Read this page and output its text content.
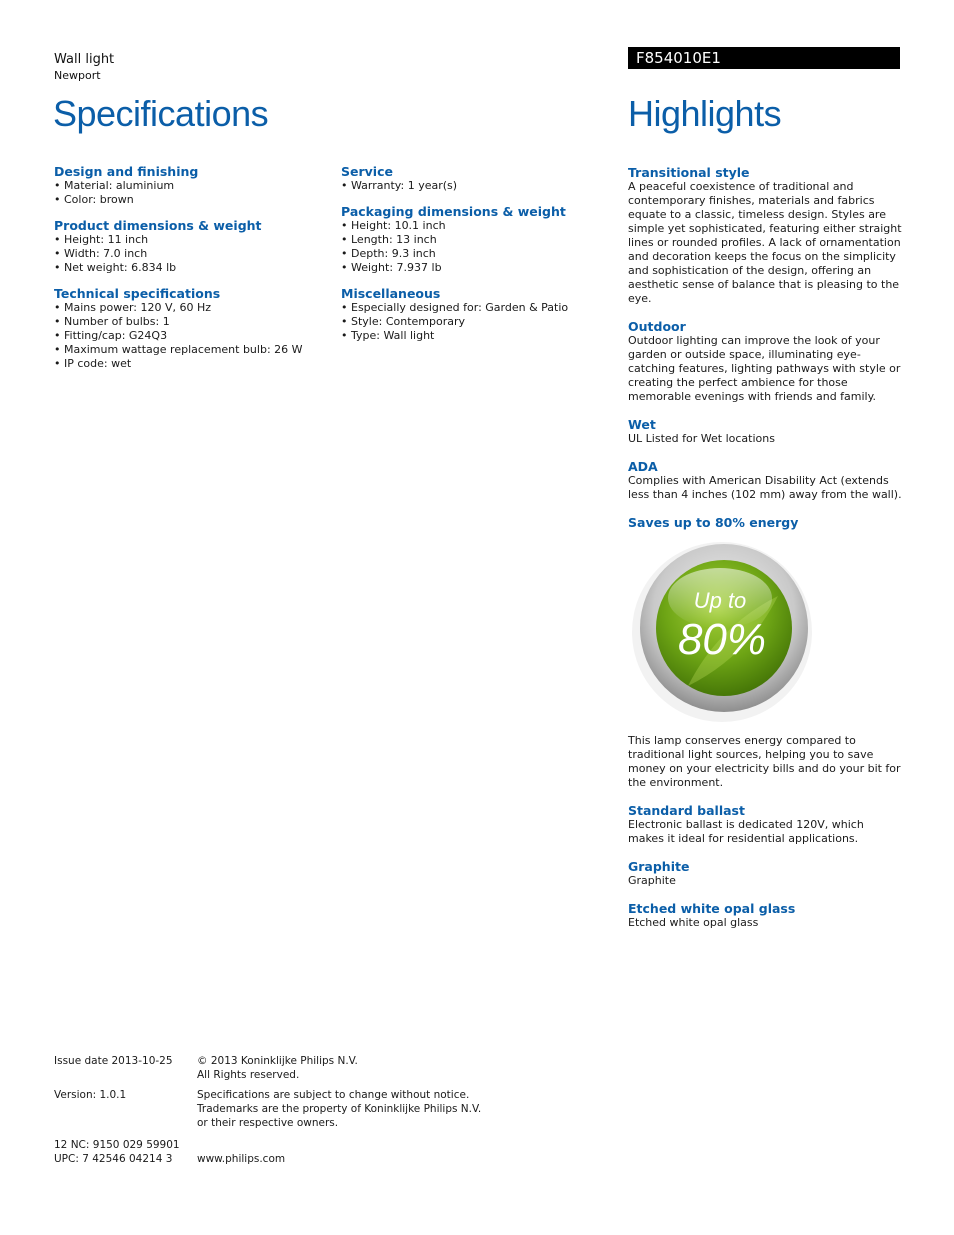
Wall light
Newport
F854010E1
Specifications	Highlights
Design and finishing
• Material: aluminium
• Color: brown
Product dimensions & weight
• Height: 11 inch
• Width: 7.0 inch
• Net weight: 6.834 lb
Technical specifications
• Mains power: 120 V, 60 Hz
• Number of bulbs: 1
• Fitting/cap: G24Q3
• Maximum wattage replacement bulb: 26 W
• IP code: wet
Service
• Warranty: 1 year(s)
Packaging dimensions & weight
• Height: 10.1 inch
• Length: 13 inch
• Depth: 9.3 inch
• Weight: 7.937 lb
Miscellaneous
• Especially designed for: Garden & Patio
• Style: Contemporary
• Type: Wall light
Transitional style
A peaceful coexistence of traditional and contemporary finishes, materials and fabrics equate to a classic, timeless design. Styles are simple yet sophisticated, featuring either straight lines or rounded profiles. A lack of ornamentation and decoration keeps the focus on the simplicity and sophistication of the design, offering an aesthetic sense of balance that is pleasing to the eye.
Outdoor
Outdoor lighting can improve the look of your garden or outside space, illuminating eye-catching features, lighting pathways with style or creating the perfect ambience for those memorable evenings with friends and family.
Wet
UL Listed for Wet locations
ADA
Complies with American Disability Act (extends less than 4 inches (102 mm) away from the wall).
Saves up to 80% energy
Up to
80%
This lamp conserves energy compared to traditional light sources, helping you to save money on your electricity bills and do your bit for the environment.
Standard ballast
Electronic ballast is dedicated 120V, which makes it ideal for residential applications.
Graphite
Graphite
Etched white opal glass
Etched white opal glass
Issue date 2013-10-25
Version: 1.0.1
12 NC: 9150 029 59901
UPC: 7 42546 04214 3
© 2013 Koninklijke Philips N.V.
All Rights reserved.
Specifications are subject to change without notice.
Trademarks are the property of Koninklijke Philips N.V.
or their respective owners.
www.philips.com
